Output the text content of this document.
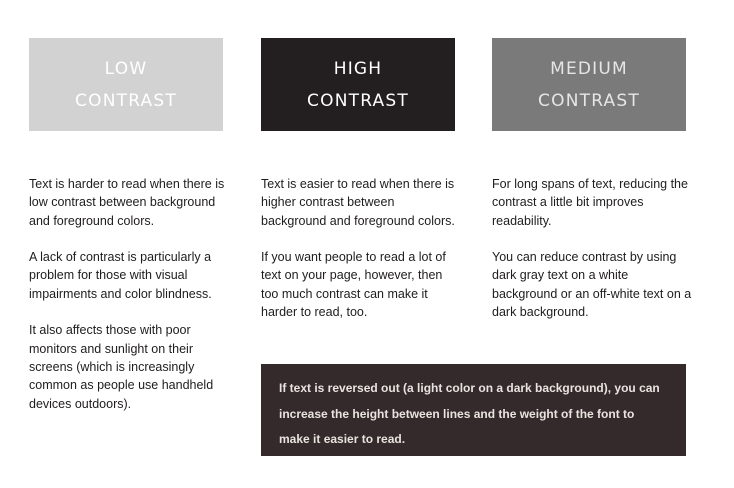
LOW
CONTRAST
HIGH
CONTRAST
MEDIUM
CONTRAST

Text is harder to read when there is low contrast between background and foreground colors.

A lack of contrast is particularly a problem for those with visual impairments and color blindness.

It also affects those with poor monitors and sunlight on their screens (which is increasingly common as people use handheld devices outdoors).

Text is easier to read when there is higher contrast between background and foreground colors.

If you want people to read a lot of text on your page, however, then too much contrast can make it harder to read, too.

For long spans of text, reducing the contrast a little bit improves readability.

You can reduce contrast by using dark gray text on a white background or an off-white text on a dark background.

If text is reversed out (a light color on a dark background), you can increase the height between lines and the weight of the font to make it easier to read.
